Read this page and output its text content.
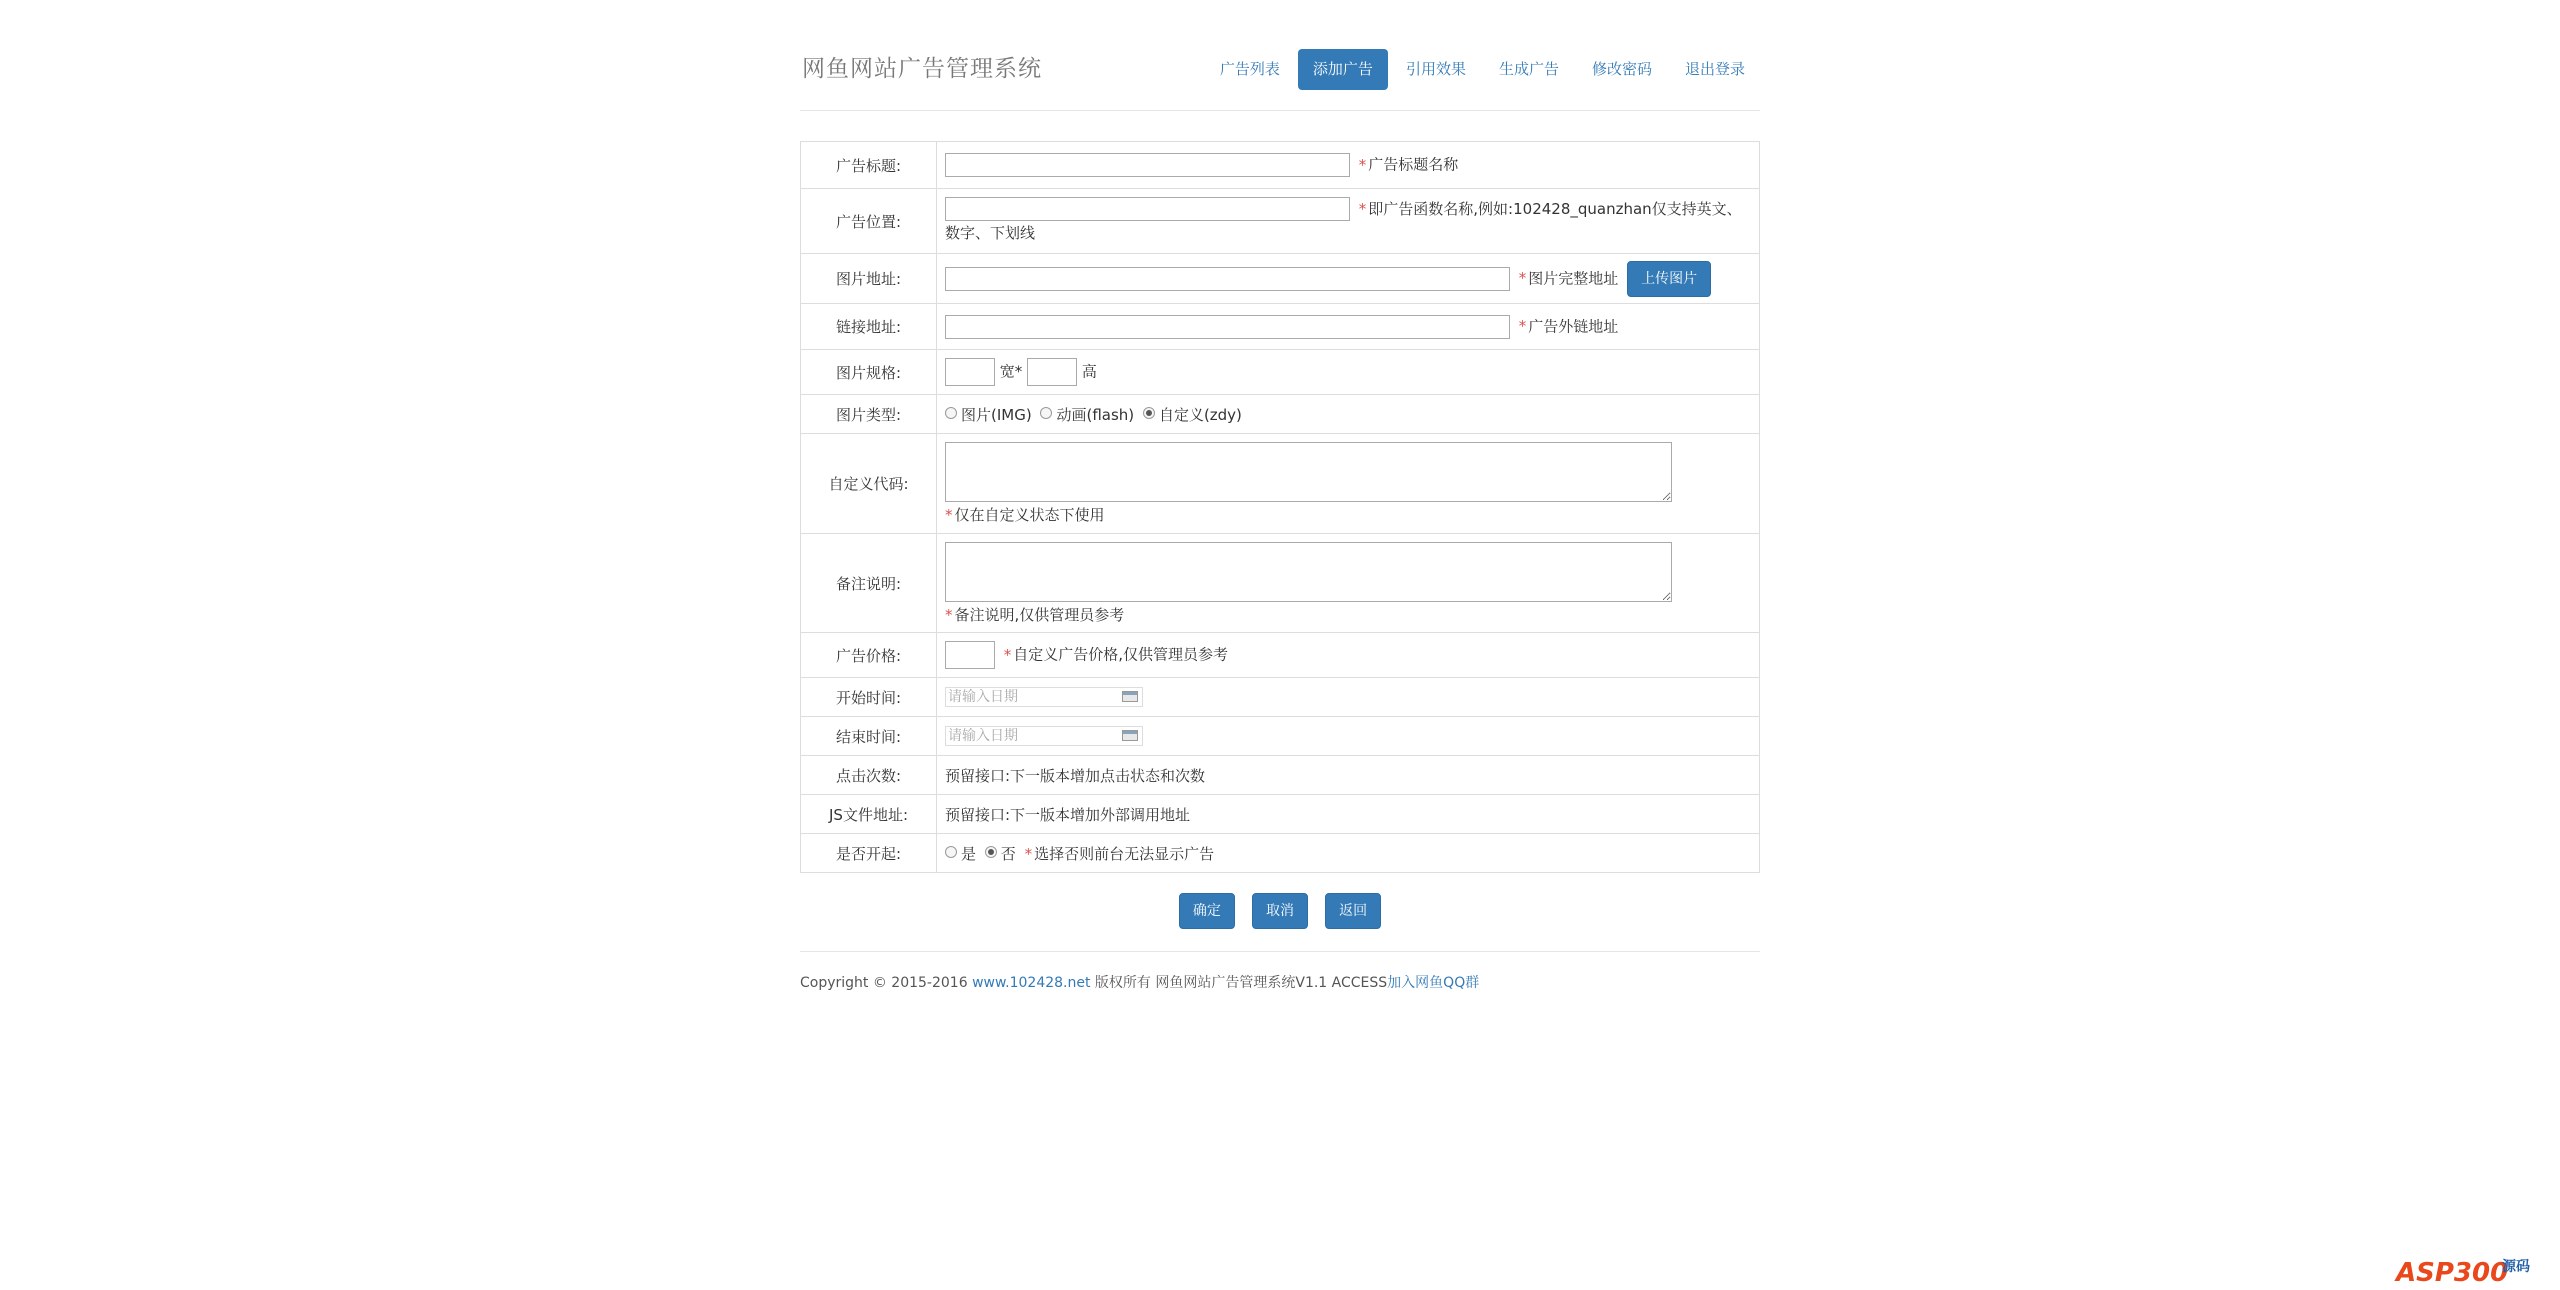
网鱼网站广告管理系统	广告列表	添加广告	引用效果	生成广告	修改密码	退出登录
广告标题:	* 广告标题名称
广告位置:	* 即广告函数名称,例如:102428_quanzhan仅支持英文、数字、下划线
图片地址:	* 图片完整地址 上传图片
链接地址:	* 广告外链地址
图片规格:	宽* 高
图片类型:	图片(IMG) 动画(flash) 自定义(zdy)
自定义代码:	* 仅在自定义状态下使用

备注说明:	* 备注说明,仅供管理员参考

广告价格:	* 自定义广告价格,仅供管理员参考
开始时间:	请输入日期

结束时间:	请输入日期

点击次数:	预留接口:下一版本增加点击状态和次数
JS文件地址:	预留接口:下一版本增加外部调用地址
是否开起:	是 否 * 选择否则前台无法显示广告
确定	取消	返回
Copyright © 2015-2016 www.102428.net 版权所有 网鱼网站广告管理系统V1.1 ACCESS加入网鱼QQ群
ASP300
源码
